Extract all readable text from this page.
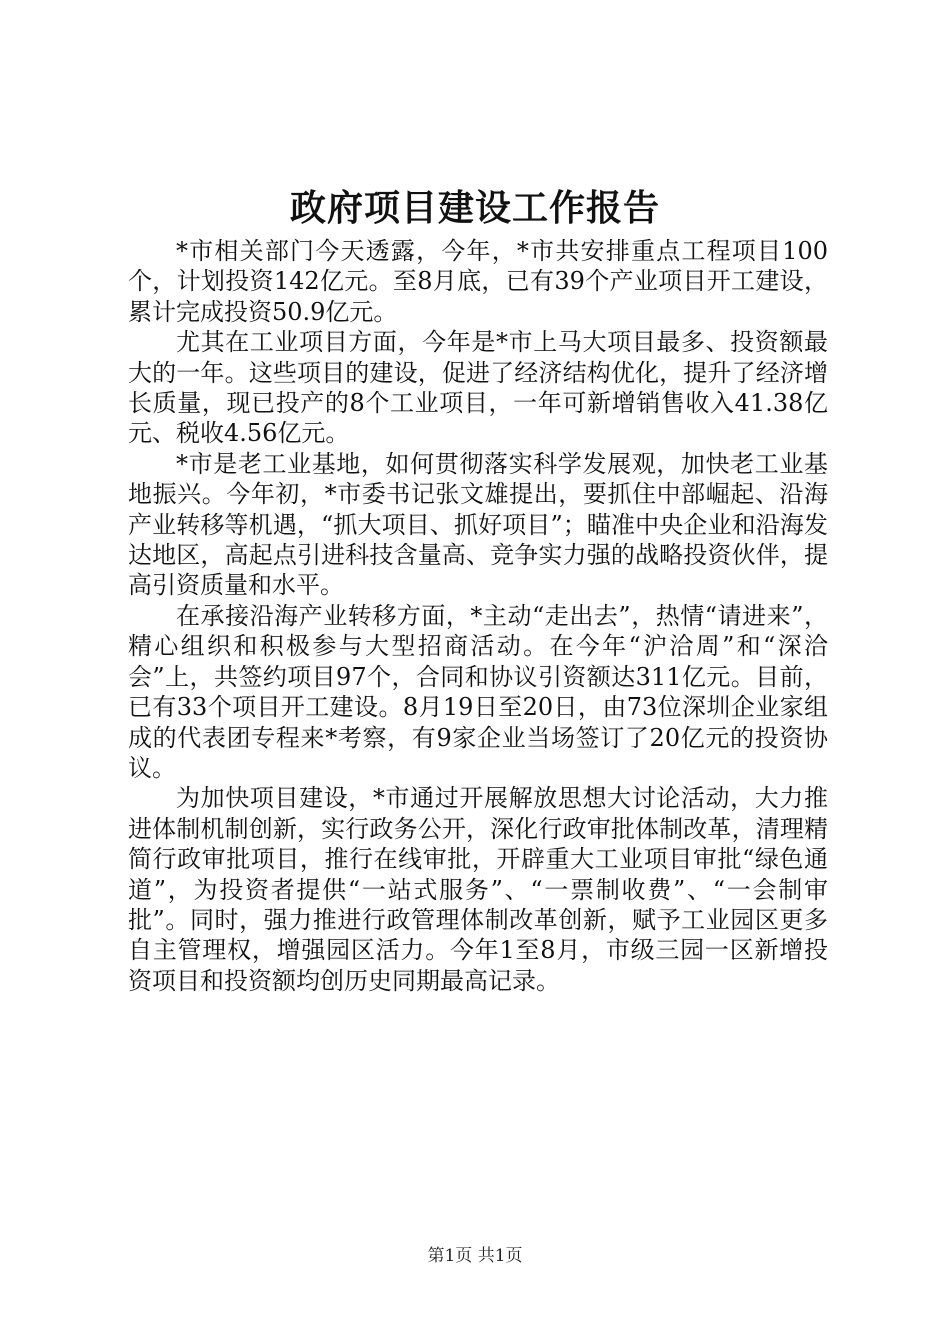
政府项目建设工作报告

*市相关部门今天透露，今年，*市共安排重点工程项目100个，计划投资142亿元。至8月底，已有39个产业项目开工建设，累计完成投资50.9亿元。

尤其在工业项目方面，今年是*市上马大项目最多、投资额最大的一年。这些项目的建设，促进了经济结构优化，提升了经济增长质量，现已投产的8个工业项目，一年可新增销售收入41.38亿元、税收4.56亿元。

*市是老工业基地，如何贯彻落实科学发展观，加快老工业基地振兴。今年初，*市委书记张文雄提出，要抓住中部崛起、沿海产业转移等机遇，“抓大项目、抓好项目”；瞄准中央企业和沿海发达地区，高起点引进科技含量高、竞争实力强的战略投资伙伴，提高引资质量和水平。

在承接沿海产业转移方面，*主动“走出去”，热情“请进来”，精心组织和积极参与大型招商活动。在今年“沪洽周”和“深洽会”上，共签约项目97个，合同和协议引资额达311亿元。目前，已有33个项目开工建设。8月19日至20日，由73位深圳企业家组成的代表团专程来*考察，有9家企业当场签订了20亿元的投资协议。

为加快项目建设，*市通过开展解放思想大讨论活动，大力推进体制机制创新，实行政务公开，深化行政审批体制改革，清理精简行政审批项目，推行在线审批，开辟重大工业项目审批“绿色通道”，为投资者提供“一站式服务”、“一票制收费”、“一会制审批”。同时，强力推进行政管理体制改革创新，赋予工业园区更多自主管理权，增强园区活力。今年1至8月，市级三园一区新增投资项目和投资额均创历史同期最高记录。

第1页 共1页
